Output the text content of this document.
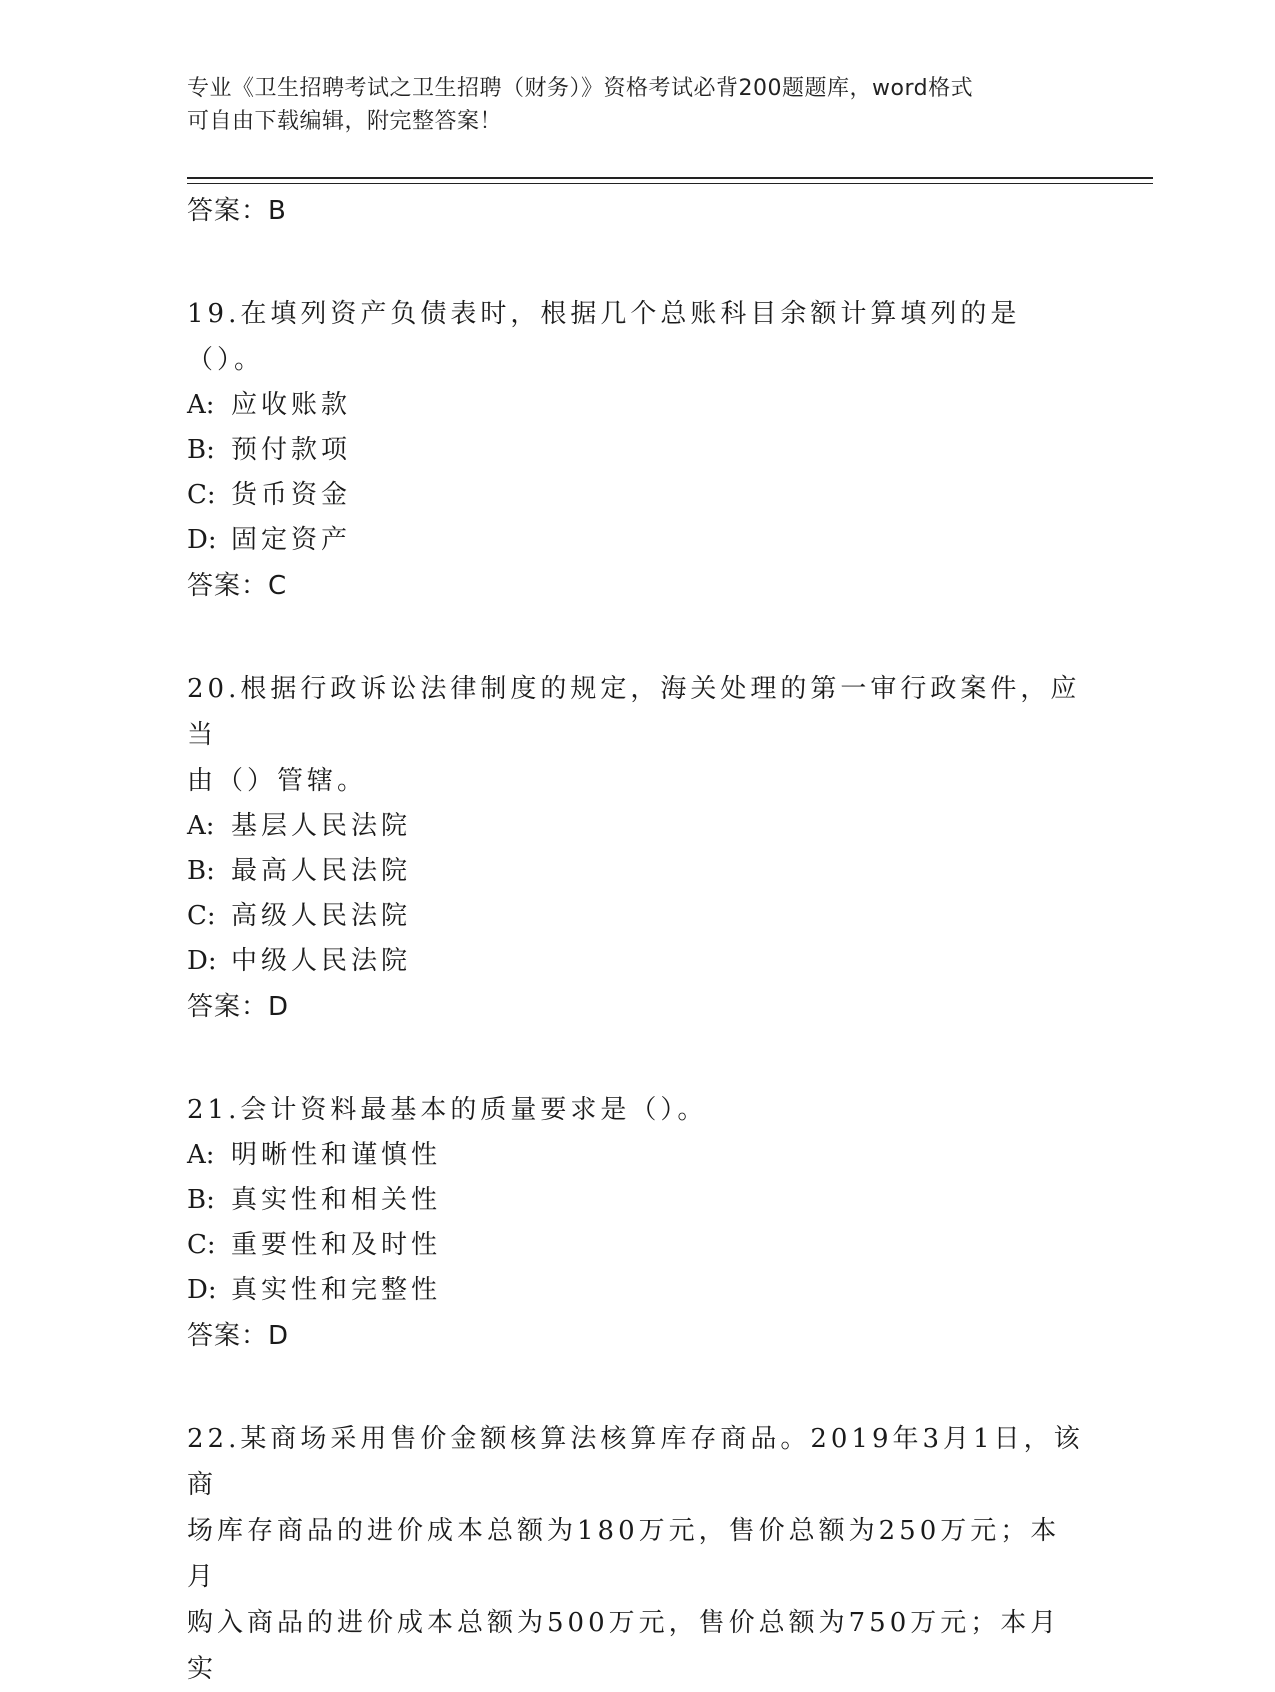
专业《卫生招聘考试之卫生招聘（财务）》资格考试必背200题题库，word格式
可自由下载编辑，附完整答案！
答案：B
19.在填列资产负债表时，根据几个总账科目余额计算填列的是（）。
A: 应收账款
B: 预付款项
C: 货币资金
D: 固定资产
答案：C
20.根据行政诉讼法律制度的规定，海关处理的第一审行政案件，应当
由（）管辖。
A: 基层人民法院
B: 最高人民法院
C: 高级人民法院
D: 中级人民法院
答案：D
21.会计资料最基本的质量要求是（）。
A: 明晰性和谨慎性
B: 真实性和相关性
C: 重要性和及时性
D: 真实性和完整性
答案：D
22.某商场采用售价金额核算法核算库存商品。2019年3月1日，该商
场库存商品的进价成本总额为180万元，售价总额为250万元；本月
购入商品的进价成本总额为500万元，售价总额为750万元；本月实
